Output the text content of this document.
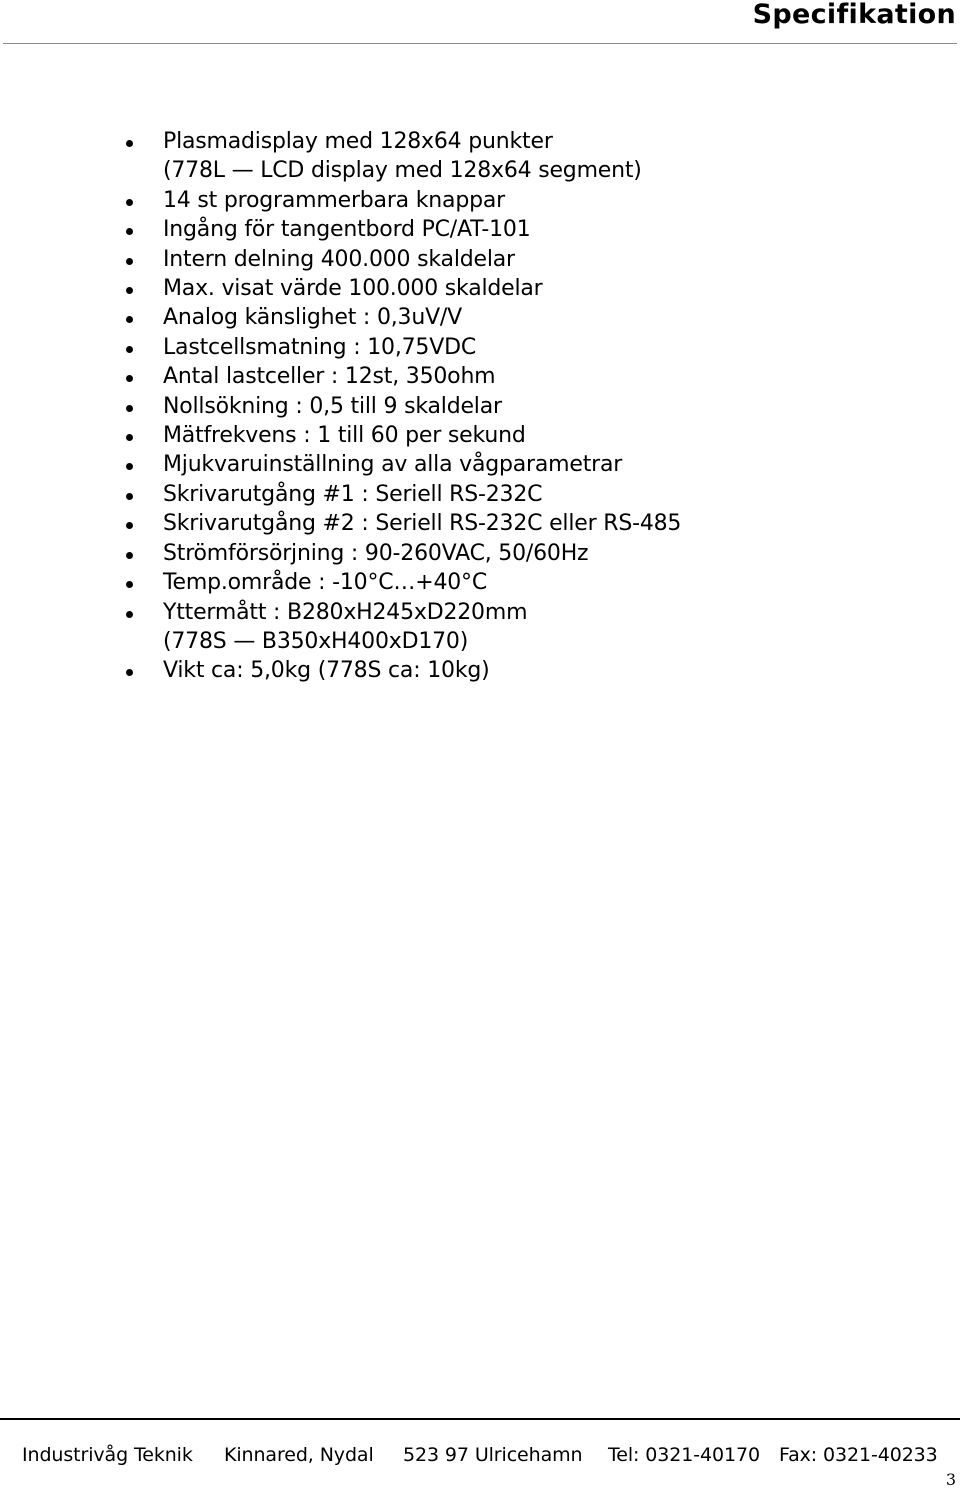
Specifikation
Plasmadisplay med 128x64 punkter
(778L — LCD display med 128x64 segment)
14 st programmerbara knappar
Ingång för tangentbord PC/AT-101
Intern delning 400.000 skaldelar
Max. visat värde 100.000 skaldelar
Analog känslighet : 0,3uV/V
Lastcellsmatning : 10,75VDC
Antal lastceller : 12st, 350ohm
Nollsökning : 0,5 till 9 skaldelar
Mätfrekvens : 1 till 60 per sekund
Mjukvaruinställning av alla vågparametrar
Skrivarutgång #1 : Seriell RS-232C
Skrivarutgång #2 : Seriell RS-232C eller RS-485
Strömförsörjning : 90-260VAC, 50/60Hz
Temp.område : -10°C…+40°C
Yttermått : B280xH245xD220mm
(778S — B350xH400xD170)
Vikt ca: 5,0kg (778S ca: 10kg)
Industrivåg Teknik Kinnared, Nydal 523 97 Ulricehamn Tel: 0321-40170 Fax: 0321-40233
3
